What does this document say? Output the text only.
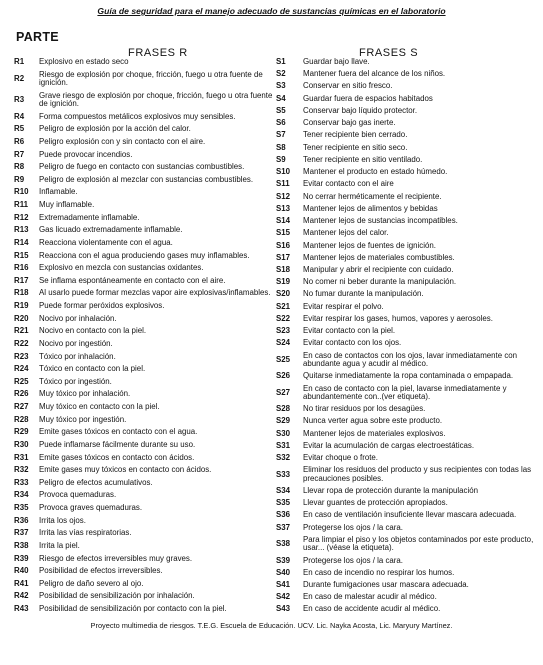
Guía de seguridad para el manejo adecuado de sustancias químicas en el laboratorio
PARTE
FRASES R	FRASES S
R1	Explosivo en estado seco
R2	Riesgo de explosión por choque, fricción, fuego u otra fuente de ignición.
R3	Grave riesgo de explosión por choque, fricción, fuego u otra fuente de ignición.
R4	Forma compuestos metálicos explosivos muy sensibles.
R5	Peligro de explosión por la acción del calor.
R6	Peligro explosión con y sin contacto con el aire.
R7	Puede provocar incendios.
R8	Peligro de fuego en contacto con sustancias combustibles.
R9	Peligro de explosión al mezclar con sustancias combustibles.
R10	Inflamable.
R11	Muy inflamable.
R12	Extremadamente inflamable.
R13	Gas licuado extremadamente inflamable.
R14	Reacciona violentamente con el agua.
R15	Reacciona con el agua produciendo gases muy inflamables.
R16	Explosivo en mezcla con sustancias oxidantes.
R17	Se inflama espontáneamente en contacto con el aire.
R18	Al usarlo puede formar mezclas vapor aire explosivas/inflamables.
R19	Puede formar peróxidos explosivos.
R20	Nocivo por inhalación.
R21	Nocivo en contacto con la piel.
R22	Nocivo por ingestión.
R23	Tóxico por inhalación.
R24	Tóxico en contacto con la piel.
R25	Tóxico por ingestión.
R26	Muy tóxico por inhalación.
R27	Muy tóxico en contacto con la piel.
R28	Muy tóxico por ingestión.
R29	Emite gases tóxicos en contacto con el agua.
R30	Puede inflamarse fácilmente durante su uso.
R31	Emite gases tóxicos en contacto con ácidos.
R32	Emite gases muy tóxicos en contacto con ácidos.
R33	Peligro de efectos acumulativos.
R34	Provoca quemaduras.
R35	Provoca graves quemaduras.
R36	Irrita los ojos.
R37	Irrita las vías respiratorias.
R38	Irrita la piel.
R39	Riesgo de efectos irreversibles muy graves.
R40	Posibilidad de efectos irreversibles.
R41	Peligro de daño severo al ojo.
R42	Posibilidad de sensibilización por inhalación.
R43	Posibilidad de sensibilización por contacto con la piel.
S1	Guardar bajo llave.
S2	Mantener fuera del alcance de los niños.
S3	Conservar en sitio fresco.
S4	Guardar fuera de espacios habitados
S5	Conservar bajo líquido protector.
S6	Conservar bajo gas inerte.
S7	Tener recipiente bien cerrado.
S8	Tener recipiente en sitio seco.
S9	Tener recipiente en sitio ventilado.
S10	Mantener el producto en estado húmedo.
S11	Evitar contacto con el aire
S12	No cerrar herméticamente el recipiente.
S13	Mantener lejos de alimentos y bebidas
S14	Mantener lejos de sustancias incompatibles.
S15	Mantener lejos del calor.
S16	Mantener lejos de fuentes de ignición.
S17	Mantener lejos de materiales combustibles.
S18	Manipular y abrir el recipiente con cuidado.
S19	No comer ni beber durante la manipulación.
S20	No fumar durante la manipulación.
S21	Evitar respirar el polvo.
S22	Evitar respirar los gases, humos, vapores y aerosoles.
S23	Evitar contacto con la piel.
S24	Evitar contacto con los ojos.
S25	En caso de contactos con los ojos, lavar inmediatamente con abundante agua y acudir al médico.
S26	Quitarse inmediatamente la ropa contaminada o empapada.
S27	En caso de contacto con la piel, lavarse inmediatamente y abundantemente con..(ver etiqueta).
S28	No tirar residuos por los desagües.
S29	Nunca verter agua sobre este producto.
S30	Mantener lejos de materiales explosivos.
S31	Evitar la acumulación de cargas electroestáticas.
S32	Evitar choque o frote.
S33	Eliminar los residuos del producto y sus recipientes con todas las precauciones posibles.
S34	Llevar ropa de protección durante la manipulación
S35	Llevar guantes de protección apropiados.
S36	En caso de ventilación insuficiente llevar mascara adecuada.
S37	Protegerse los ojos / la cara.
S38	Para limpiar el piso y los objetos contaminados por este producto, usar... (véase la etiqueta).
S39	Protegerse los ojos / la cara.
S40	En caso de incendio no respirar los humos.
S41	Durante fumigaciones usar mascara adecuada.
S42	En caso de malestar acudir al médico.
S43	En caso de accidente acudir al médico.
Proyecto multimedia de riesgos. T.E.G. Escuela de Educación. UCV. Lic. Nayka Acosta, Lic. Maryury Martínez.
